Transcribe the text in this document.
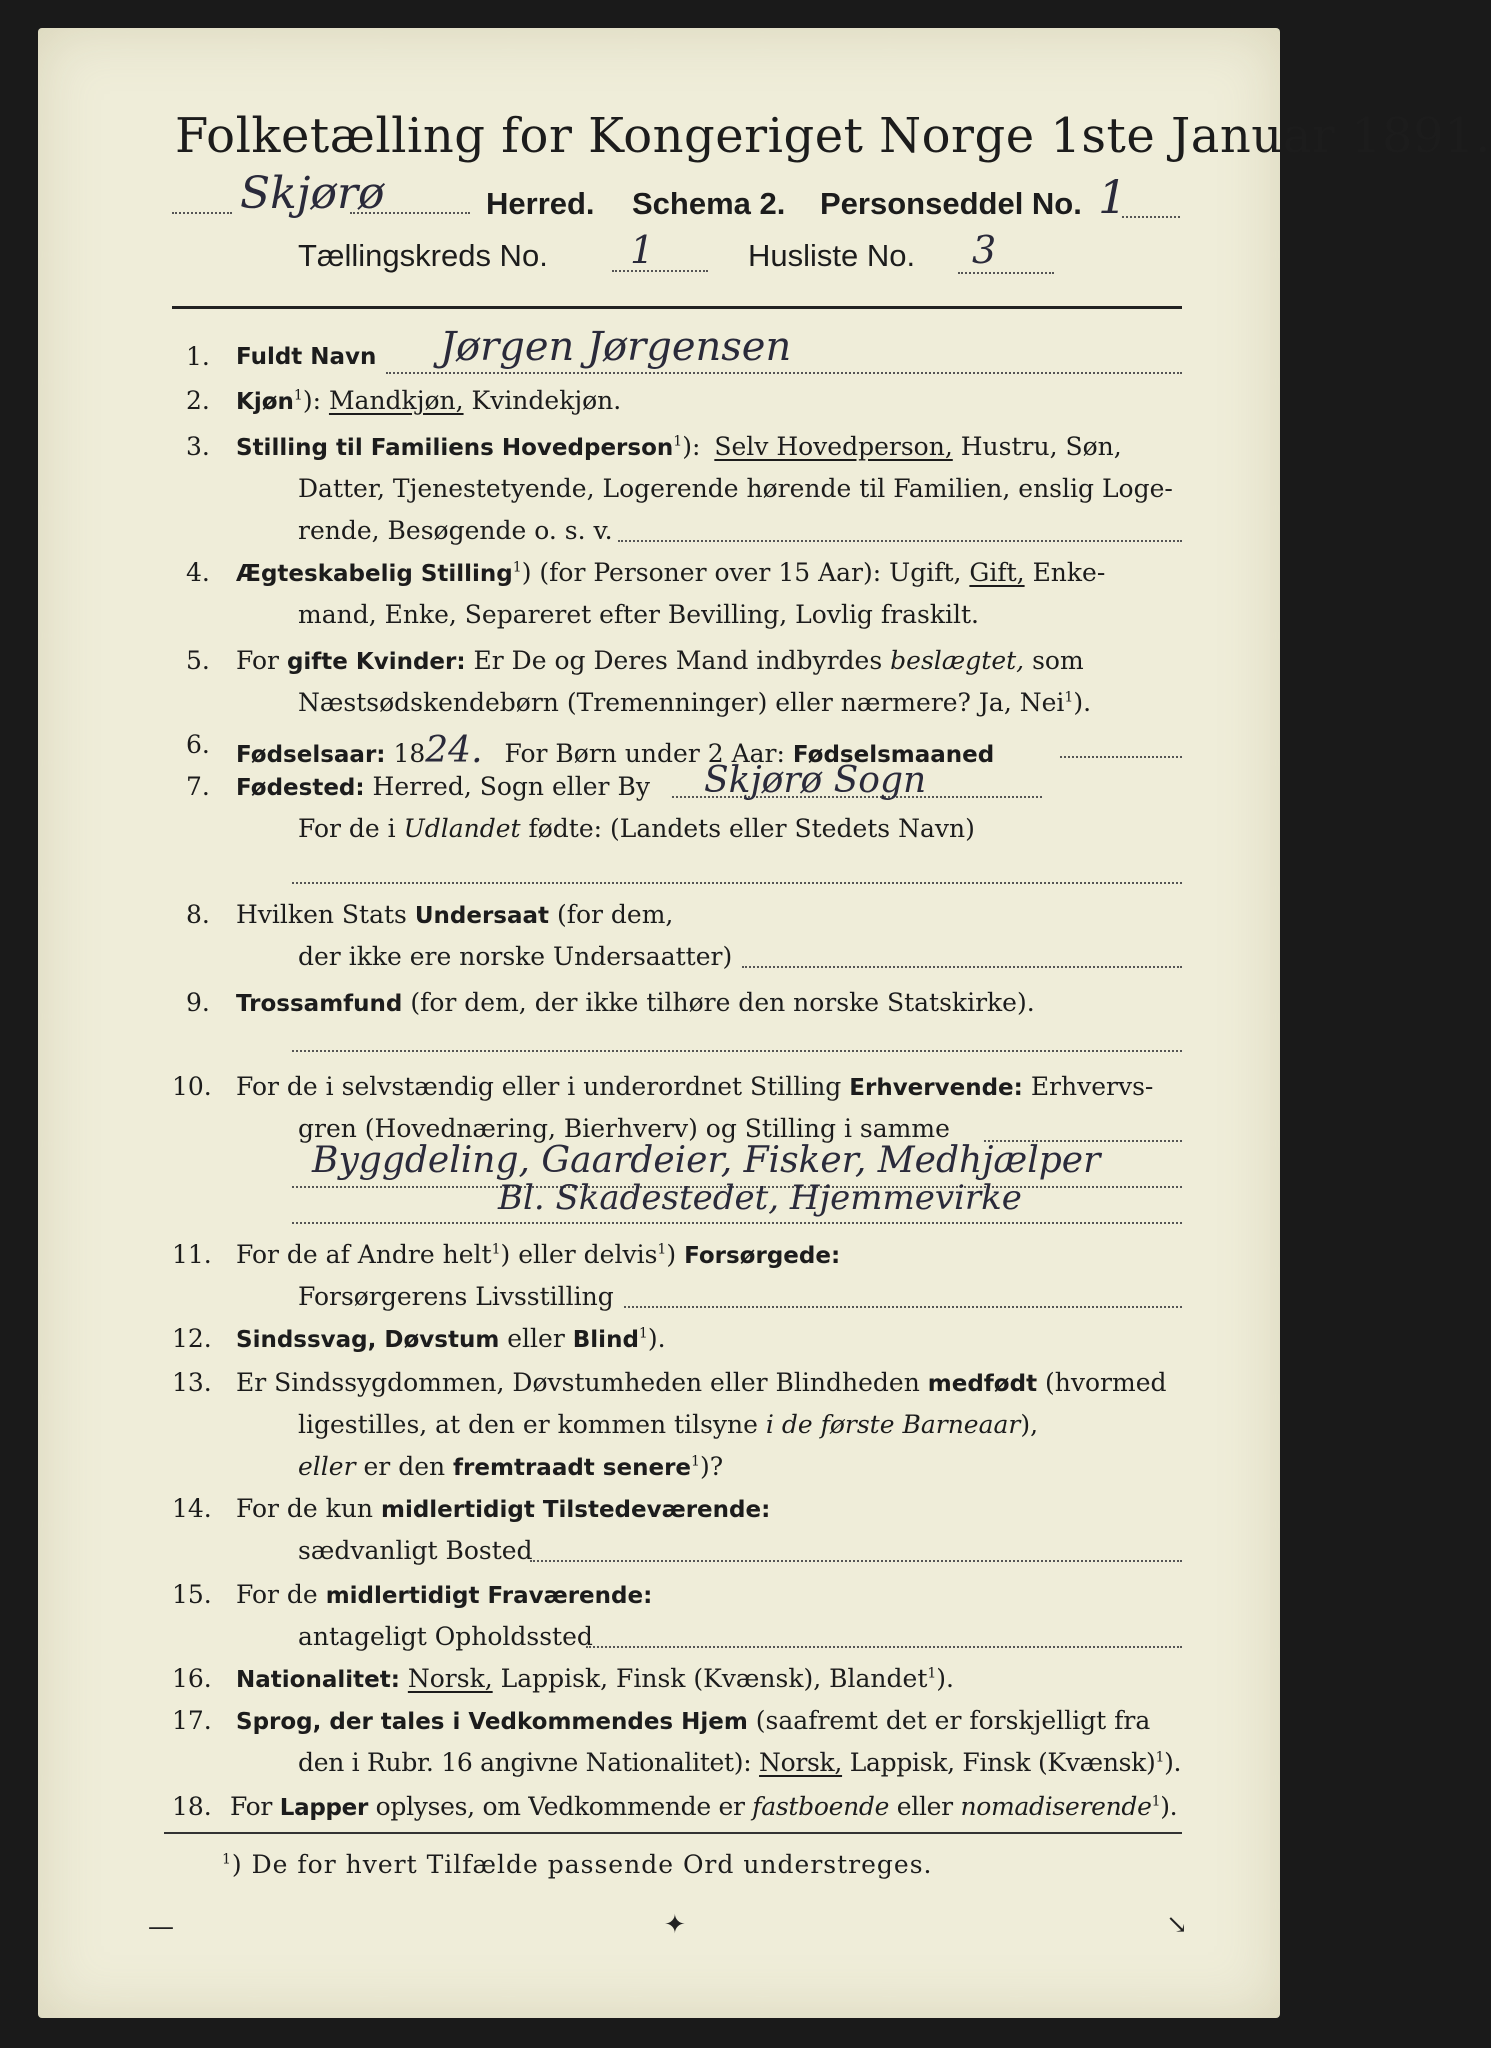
Folketælling for Kongeriget Norge 1ste Januar 1891.
Skjørø	Herred. Schema 2. Personseddel No. 1
Tællingskreds No. 1	Husliste No. 3
1. Fuldt Navn Jørgen Jørgensen
2. Kjøn$^1$): Mandkjøn, Kvindekjøn.
3. Stilling til Familiens Hovedperson$^1$): Selv Hovedperson, Hustru, Søn,
Datter, Tjenestetyende, Logerende hørende til Familien, enslig Loge-
rende, Besøgende o. s. v.
4. Ægteskabelig Stilling$^1$) (for Personer over 15 Aar): Ugift, Gift, Enke-
mand, Enke, Separeret efter Bevilling, Lovlig fraskilt.
5. For gifte Kvinder: Er De og Deres Mand indbyrdes beslægtet, som
Næstsødskendebørn (Tremenninger) eller nærmere? Ja, Nei$^1$).
6. Fødselsaar: 1824. For Børn under 2 Aar: Fødselsmaaned
7. Fødested: Herred, Sogn eller By Skjørø Sogn
For de i Udlandet fødte: (Landets eller Stedets Navn)
8. Hvilken Stats Undersaat (for dem,
der ikke ere norske Undersaatter)
9. Trossamfund (for dem, der ikke tilhøre den norske Statskirke).
10. For de i selvstændig eller i underordnet Stilling Erhvervende: Erhvervs-
gren (Hovednæring, Bierhverv) og Stilling i samme
Byggdeling, Gaardeier, Fisker, Medhjælper
Bl. Skadestedet, Hjemmevirke
11. For de af Andre helt$^1$) eller delvis$^1$) Forsørgede:
Forsørgerens Livsstilling
12. Sindssvag, Døvstum eller Blind$^1$).
13. Er Sindssygdommen, Døvstumheden eller Blindheden medfødt (hvormed
ligestilles, at den er kommen tilsyne i de første Barneaar),
eller er den fremtraadt senere$^1$)?
14. For de kun midlertidigt Tilstedeværende:
sædvanligt Bosted
15. For de midlertidigt Fraværende:
antageligt Opholdssted
16. Nationalitet: Norsk, Lappisk, Finsk (Kvænsk), Blandet$^1$).
17. Sprog, der tales i Vedkommendes Hjem (saafremt det er forskjelligt fra
den i Rubr. 16 angivne Nationalitet): Norsk, Lappisk, Finsk (Kvænsk)$^1$).
18. For Lapper oplyses, om Vedkommende er fastboende eller nomadiserende$^1$).
$^1$) De for hvert Tilfælde passende Ord understreges.
—	✦	↘
